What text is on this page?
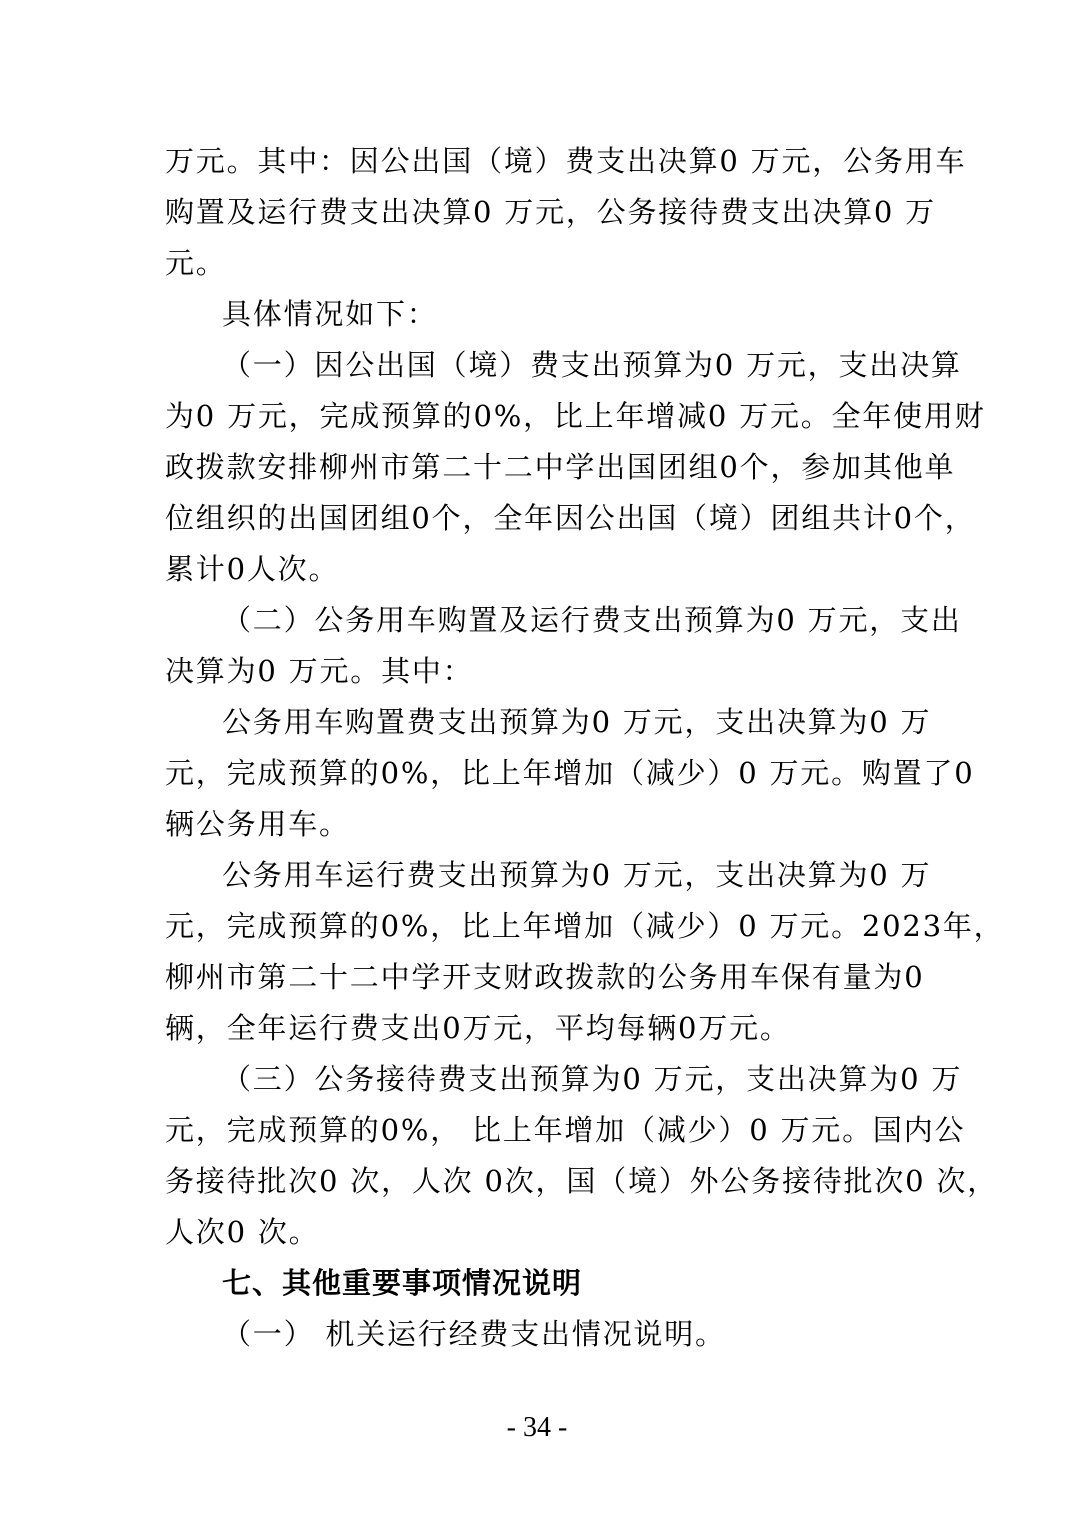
万元。其中：因公出国（境）费支出决算0 万元，公务用车
购置及运行费支出决算0 万元，公务接待费支出决算0 万
元。
具体情况如下：
（一）因公出国（境）费支出预算为0 万元，支出决算
为0 万元，完成预算的0%，比上年增减0 万元。全年使用财
政拨款安排柳州市第二十二中学出国团组0个，参加其他单
位组织的出国团组0个，全年因公出国（境）团组共计0个，
累计0人次。
（二）公务用车购置及运行费支出预算为0 万元，支出
决算为0 万元。其中：
公务用车购置费支出预算为0 万元，支出决算为0 万
元，完成预算的0%，比上年增加（减少）0 万元。购置了0
辆公务用车。
公务用车运行费支出预算为0 万元，支出决算为0 万
元，完成预算的0%，比上年增加（减少）0 万元。2023年，
柳州市第二十二中学开支财政拨款的公务用车保有量为0
辆，全年运行费支出0万元，平均每辆0万元。
（三）公务接待费支出预算为0 万元，支出决算为0 万
元，完成预算的0%， 比上年增加（减少）0 万元。国内公
务接待批次0 次，人次 0次，国（境）外公务接待批次0 次，
人次0 次。
七、其他重要事项情况说明
（一） 机关运行经费支出情况说明。
- 34 -
